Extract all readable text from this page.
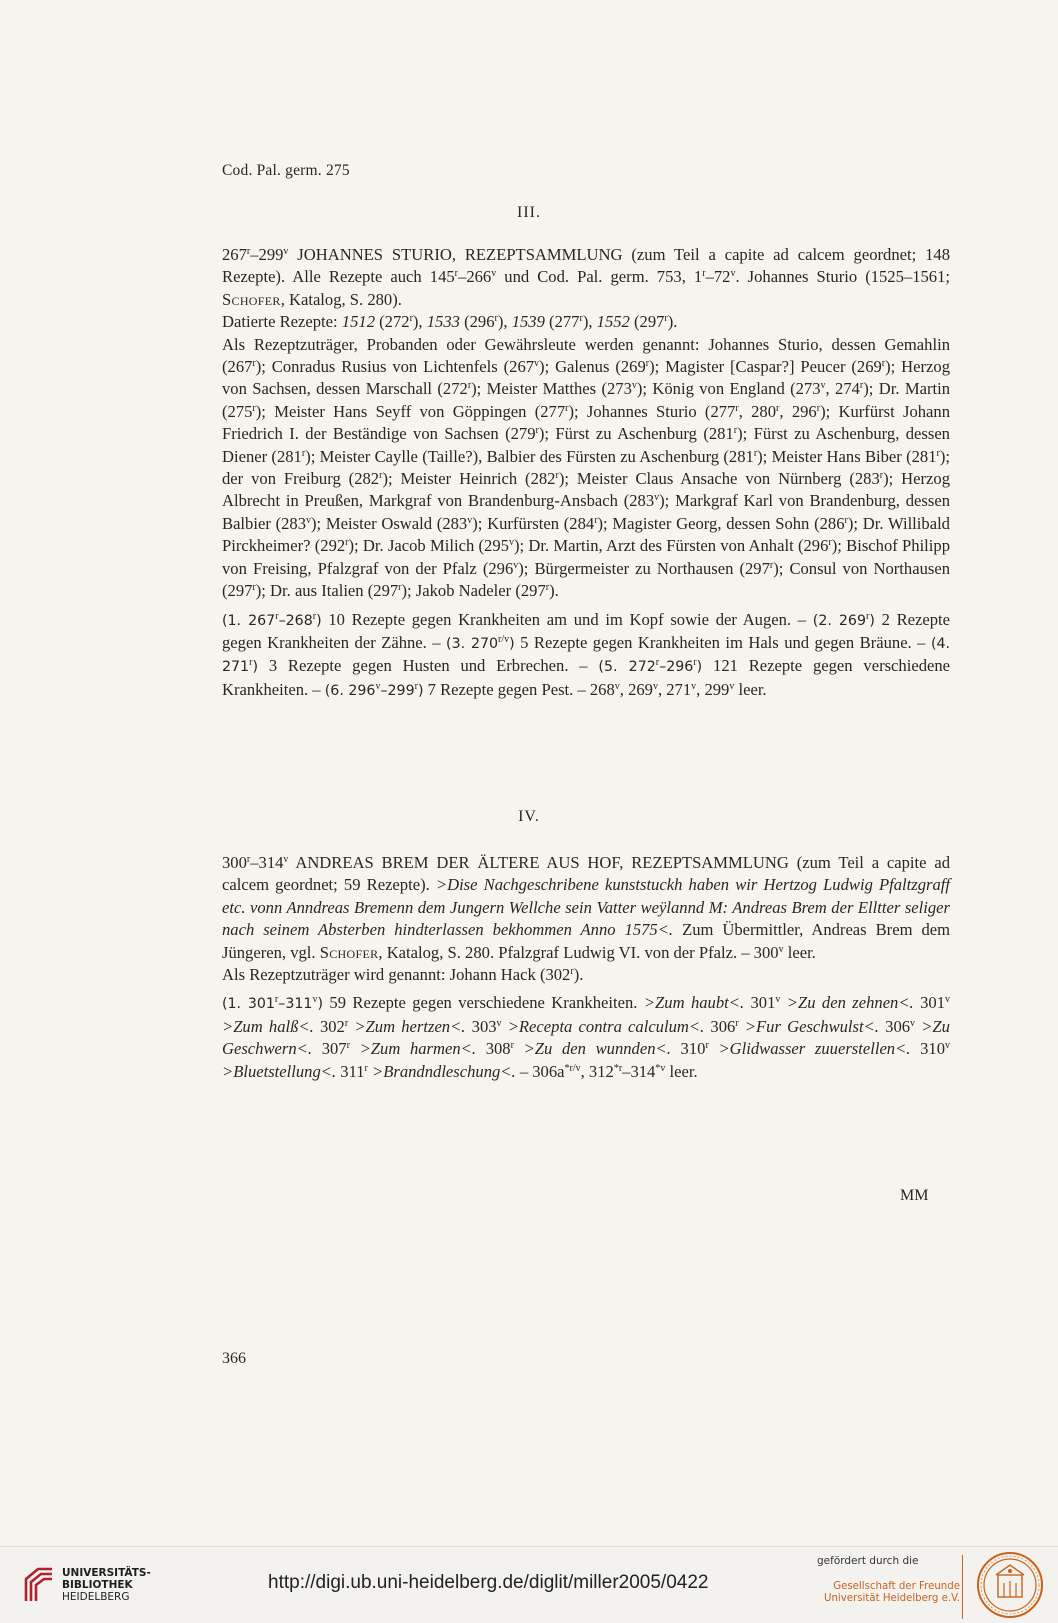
Cod. Pal. germ. 275
III.

267$^r$–299$^v$ JOHANNES STURIO, REZEPTSAMMLUNG (zum Teil a capite ad calcem geordnet; 148 Rezepte). Alle Rezepte auch 145$^r$–266$^v$ und Cod. Pal. germ. 753, 1$^r$–72$^v$. Johannes Sturio (1525–1561; Schofer, Katalog, S. 280).

Datierte Rezepte: 1512 (272$^r$), 1533 (296$^r$), 1539 (277$^r$), 1552 (297$^r$).

Als Rezeptzuträger, Probanden oder Gewährsleute werden genannt: Johannes Sturio, dessen Gemahlin (267$^r$); Conradus Rusius von Lichtenfels (267$^v$); Galenus (269$^r$); Magister [Caspar?] Peucer (269$^r$); Herzog von Sachsen, dessen Marschall (272$^r$); Meister Matthes (273$^v$); König von England (273$^v$, 274$^r$); Dr. Martin (275$^r$); Meister Hans Seyff von Göppingen (277$^r$); Johannes Sturio (277$^r$, 280$^r$, 296$^r$); Kurfürst Johann Friedrich I. der Beständige von Sachsen (279$^r$); Fürst zu Aschenburg (281$^r$); Fürst zu Aschenburg, dessen Diener (281$^r$); Meister Caylle (Taille?), Balbier des Fürsten zu Aschenburg (281$^r$); Meister Hans Biber (281$^r$); der von Freiburg (282$^r$); Meister Heinrich (282$^r$); Meister Claus Ansache von Nürnberg (283$^r$); Herzog Albrecht in Preußen, Markgraf von Brandenburg-Ansbach (283$^v$); Markgraf Karl von Brandenburg, dessen Balbier (283$^v$); Meister Oswald (283$^v$); Kurfürsten (284$^r$); Magister Georg, dessen Sohn (286$^r$); Dr. Willibald Pirckheimer? (292$^r$); Dr. Jacob Milich (295$^v$); Dr. Martin, Arzt des Fürsten von Anhalt (296$^r$); Bischof Philipp von Freising, Pfalzgraf von der Pfalz (296$^v$); Bürgermeister zu Northausen (297$^r$); Consul von Northausen (297$^r$); Dr. aus Italien (297$^r$); Jakob Nadeler (297$^r$).

(1. 267$^r$–268$^r$) 10 Rezepte gegen Krankheiten am und im Kopf sowie der Augen. – (2. 269$^r$) 2 Rezepte gegen Krankheiten der Zähne. – (3. $270^{r/v}$) 5 Rezepte gegen Krankheiten im Hals und gegen Bräune. – (4. 271$^r$) 3 Rezepte gegen Husten und Erbrechen. – (5. 272$^r$–296$^r$) 121 Rezepte gegen verschiedene Krankheiten. – (6. 296$^v$–299$^r$) 7 Rezepte gegen Pest. – 268$^v$, 269$^v$, 271$^v$, 299$^v$ leer.

IV.

300$^r$–314$^v$ ANDREAS BREM DER ÄLTERE AUS HOF, REZEPTSAMMLUNG (zum Teil a capite ad calcem geordnet; 59 Rezepte). >Dise Nachgeschribene kunststuckh haben wir Hertzog Ludwig Pfaltzgraff etc. vonn Anndreas Bremenn dem Jungern Wellche sein Vatter weÿlannd M: Andreas Brem der Elltter seliger nach seinem Absterben hindterlassen bekhommen Anno 1575<. Zum Übermittler, Andreas Brem dem Jüngeren, vgl. Schofer, Katalog, S. 280. Pfalzgraf Ludwig VI. von der Pfalz. – 300$^v$ leer.

Als Rezeptzuträger wird genannt: Johann Hack (302$^r$).

(1. 301$^r$–311$^v$) 59 Rezepte gegen verschiedene Krankheiten. >Zum haubt<. $301^v >Zu$ den zehnen<. $301^v >Zum$ halß<. $302^r >Zum$ hertzen<. $303^v$ >Recepta contra calculum<. $306^r >Fur$ Geschwulst<. $306^v >Zu$ Geschwern<. $307^r >Zum$ harmen<. $308^r >Zu$ den wunnden<. $310^r$ >Glidwasser zuuerstellen<. $310^v$ >Bluetstellung<. $311^r$ >Brandndleschung<. – $306a^{*r/v}$, 312$^{*r}$–314$^{*v}$ leer.

MM
366
UNIVERSITÄTS-
BIBLIOTHEK
HEIDELBERG
http://digi.ub.uni-heidelberg.de/diglit/miller2005/0422
gefördert durch die
Gesellschaft der Freunde
Universität Heidelberg e.V.
